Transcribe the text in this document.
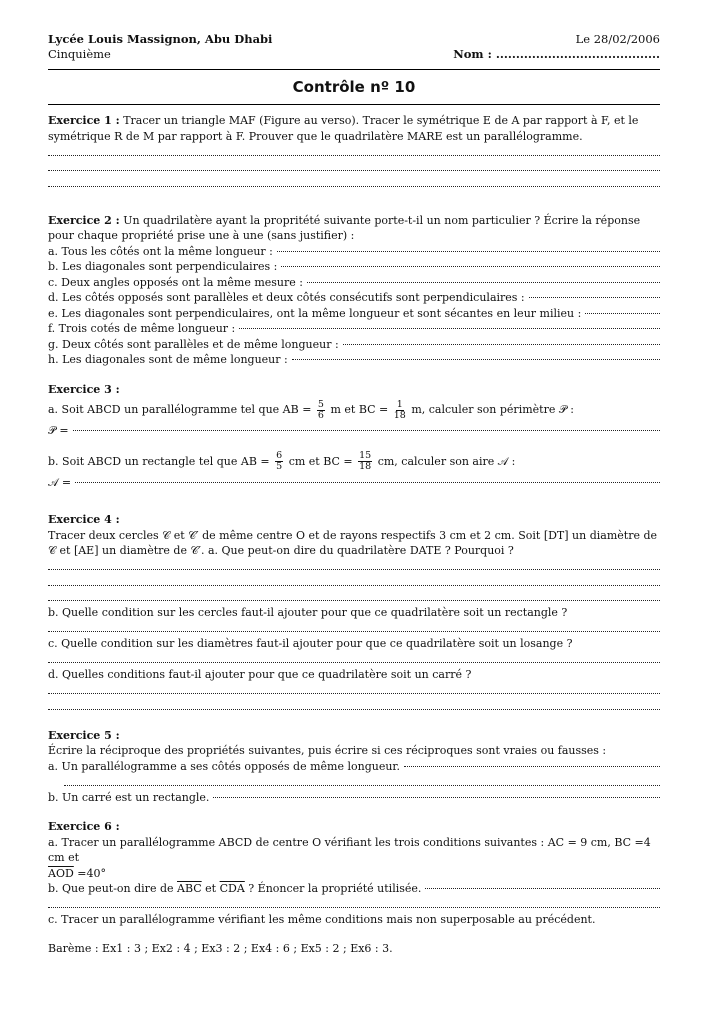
Lycée Louis Massignon, Abu Dhabi	Le 28/02/2006
Cinquième	Nom : .........................................
Contrôle nº 10

Exercice 1 : Tracer un triangle MAF (Figure au verso). Tracer le symétrique E de A par rapport à F, et le symétrique R de M par rapport à F. Prouver que le quadrilatère MARE est un parallélogramme.

Exercice 2 : Un quadrilatère ayant la propritété suivante porte-t-il un nom particulier ? Écrire la réponse pour chaque propriété prise une à une (sans justifier) :

a. Tous les côtés ont la même longueur :
b. Les diagonales sont perpendiculaires :
c. Deux angles opposés ont la même mesure :
d. Les côtés opposés sont parallèles et deux côtés consécutifs sont perpendiculaires :
e. Les diagonales sont perpendiculaires, ont la même longueur et sont sécantes en leur milieu :
f. Trois cotés de même longueur :
g. Deux côtés sont parallèles et de même longueur :
h. Les diagonales sont de même longueur :

Exercice 3 :

a. Soit ABCD un parallélogramme tel que AB = $\frac{5}{6}$ m et BC = $\frac{1}{18} m$, calculer son périmètre 𝒫 :

𝒫 =

b. Soit ABCD un rectangle tel que AB = $\frac{6}{5}$ cm et BC = $\frac{15}{18}$ cm, calculer son aire 𝒜 :

𝒜 =

Exercice 4 :

Tracer deux cercles 𝒞 et 𝒞′ de même centre O et de rayons respectifs 3 cm et 2 cm. Soit [DT] un diamètre de 𝒞 et [AE] un diamètre de 𝒞′. a. Que peut-on dire du quadrilatère DATE ? Pourquoi ?

b. Quelle condition sur les cercles faut-il ajouter pour que ce quadrilatère soit un rectangle ?

c. Quelle condition sur les diamètres faut-il ajouter pour que ce quadrilatère soit un losange ?

d. Quelles conditions faut-il ajouter pour que ce quadrilatère soit un carré ?

Exercice 5 :

Écrire la réciproque des propriétés suivantes, puis écrire si ces réciproques sont vraies ou fausses :

a. Un parallélogramme a ses côtés opposés de même longueur.
b. Un carré est un rectangle.

Exercice 6 :

a. Tracer un parallélogramme ABCD de centre O vérifiant les trois conditions suivantes : AC = 9 cm, BC =4 cm et

$\overline{AOD} =40^\circ$

b. Que peut-on dire de $\overline{ABC}$ et $\overline{CDA}$ ? Énoncer la propriété utilisée.

c. Tracer un parallélogramme vérifiant les même conditions mais non superposable au précédent.

Barème : Ex1 : 3 ; Ex2 : 4 ; Ex3 : 2 ; Ex4 : 6 ; Ex5 : 2 ; Ex6 : 3.
